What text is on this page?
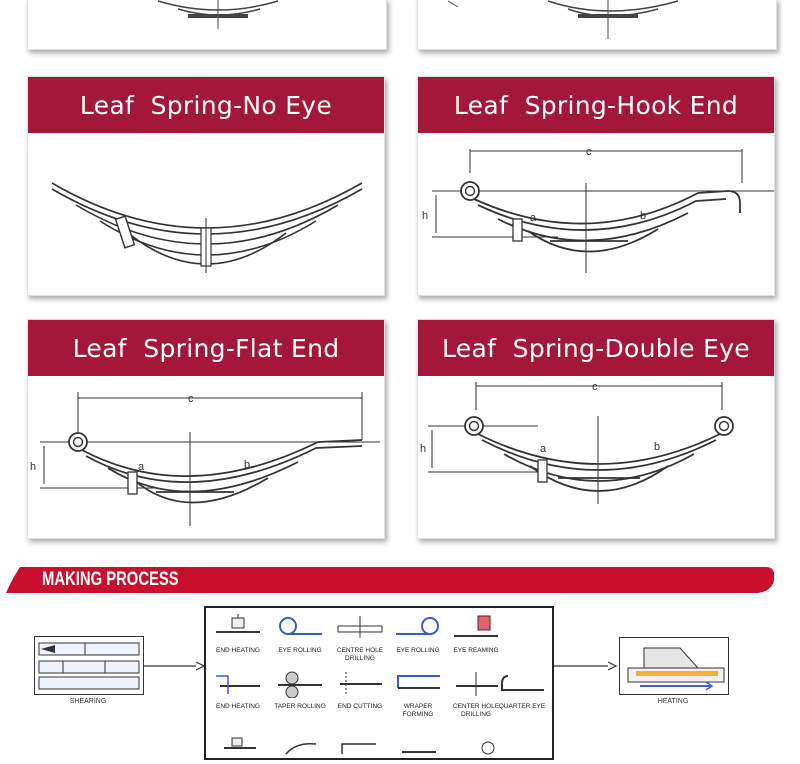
Leaf  Spring-No Eye	Leaf  Spring-Hook End
c
h	a	b
Leaf  Spring-Flat End
c
h	a	b
Leaf  Spring-Double Eye
c
h	a	b
MAKING PROCESS
SHEARING
END HEATING	EYE ROLLING	CENTRE HOLE DRILLING
EYE ROLLING	EYE REAMING
END HEATING	TAPER ROLLING	END CUTTING	WRAPER FORMING
CENTER HOLE DRILLING
QUARTER EYE
HEATING
